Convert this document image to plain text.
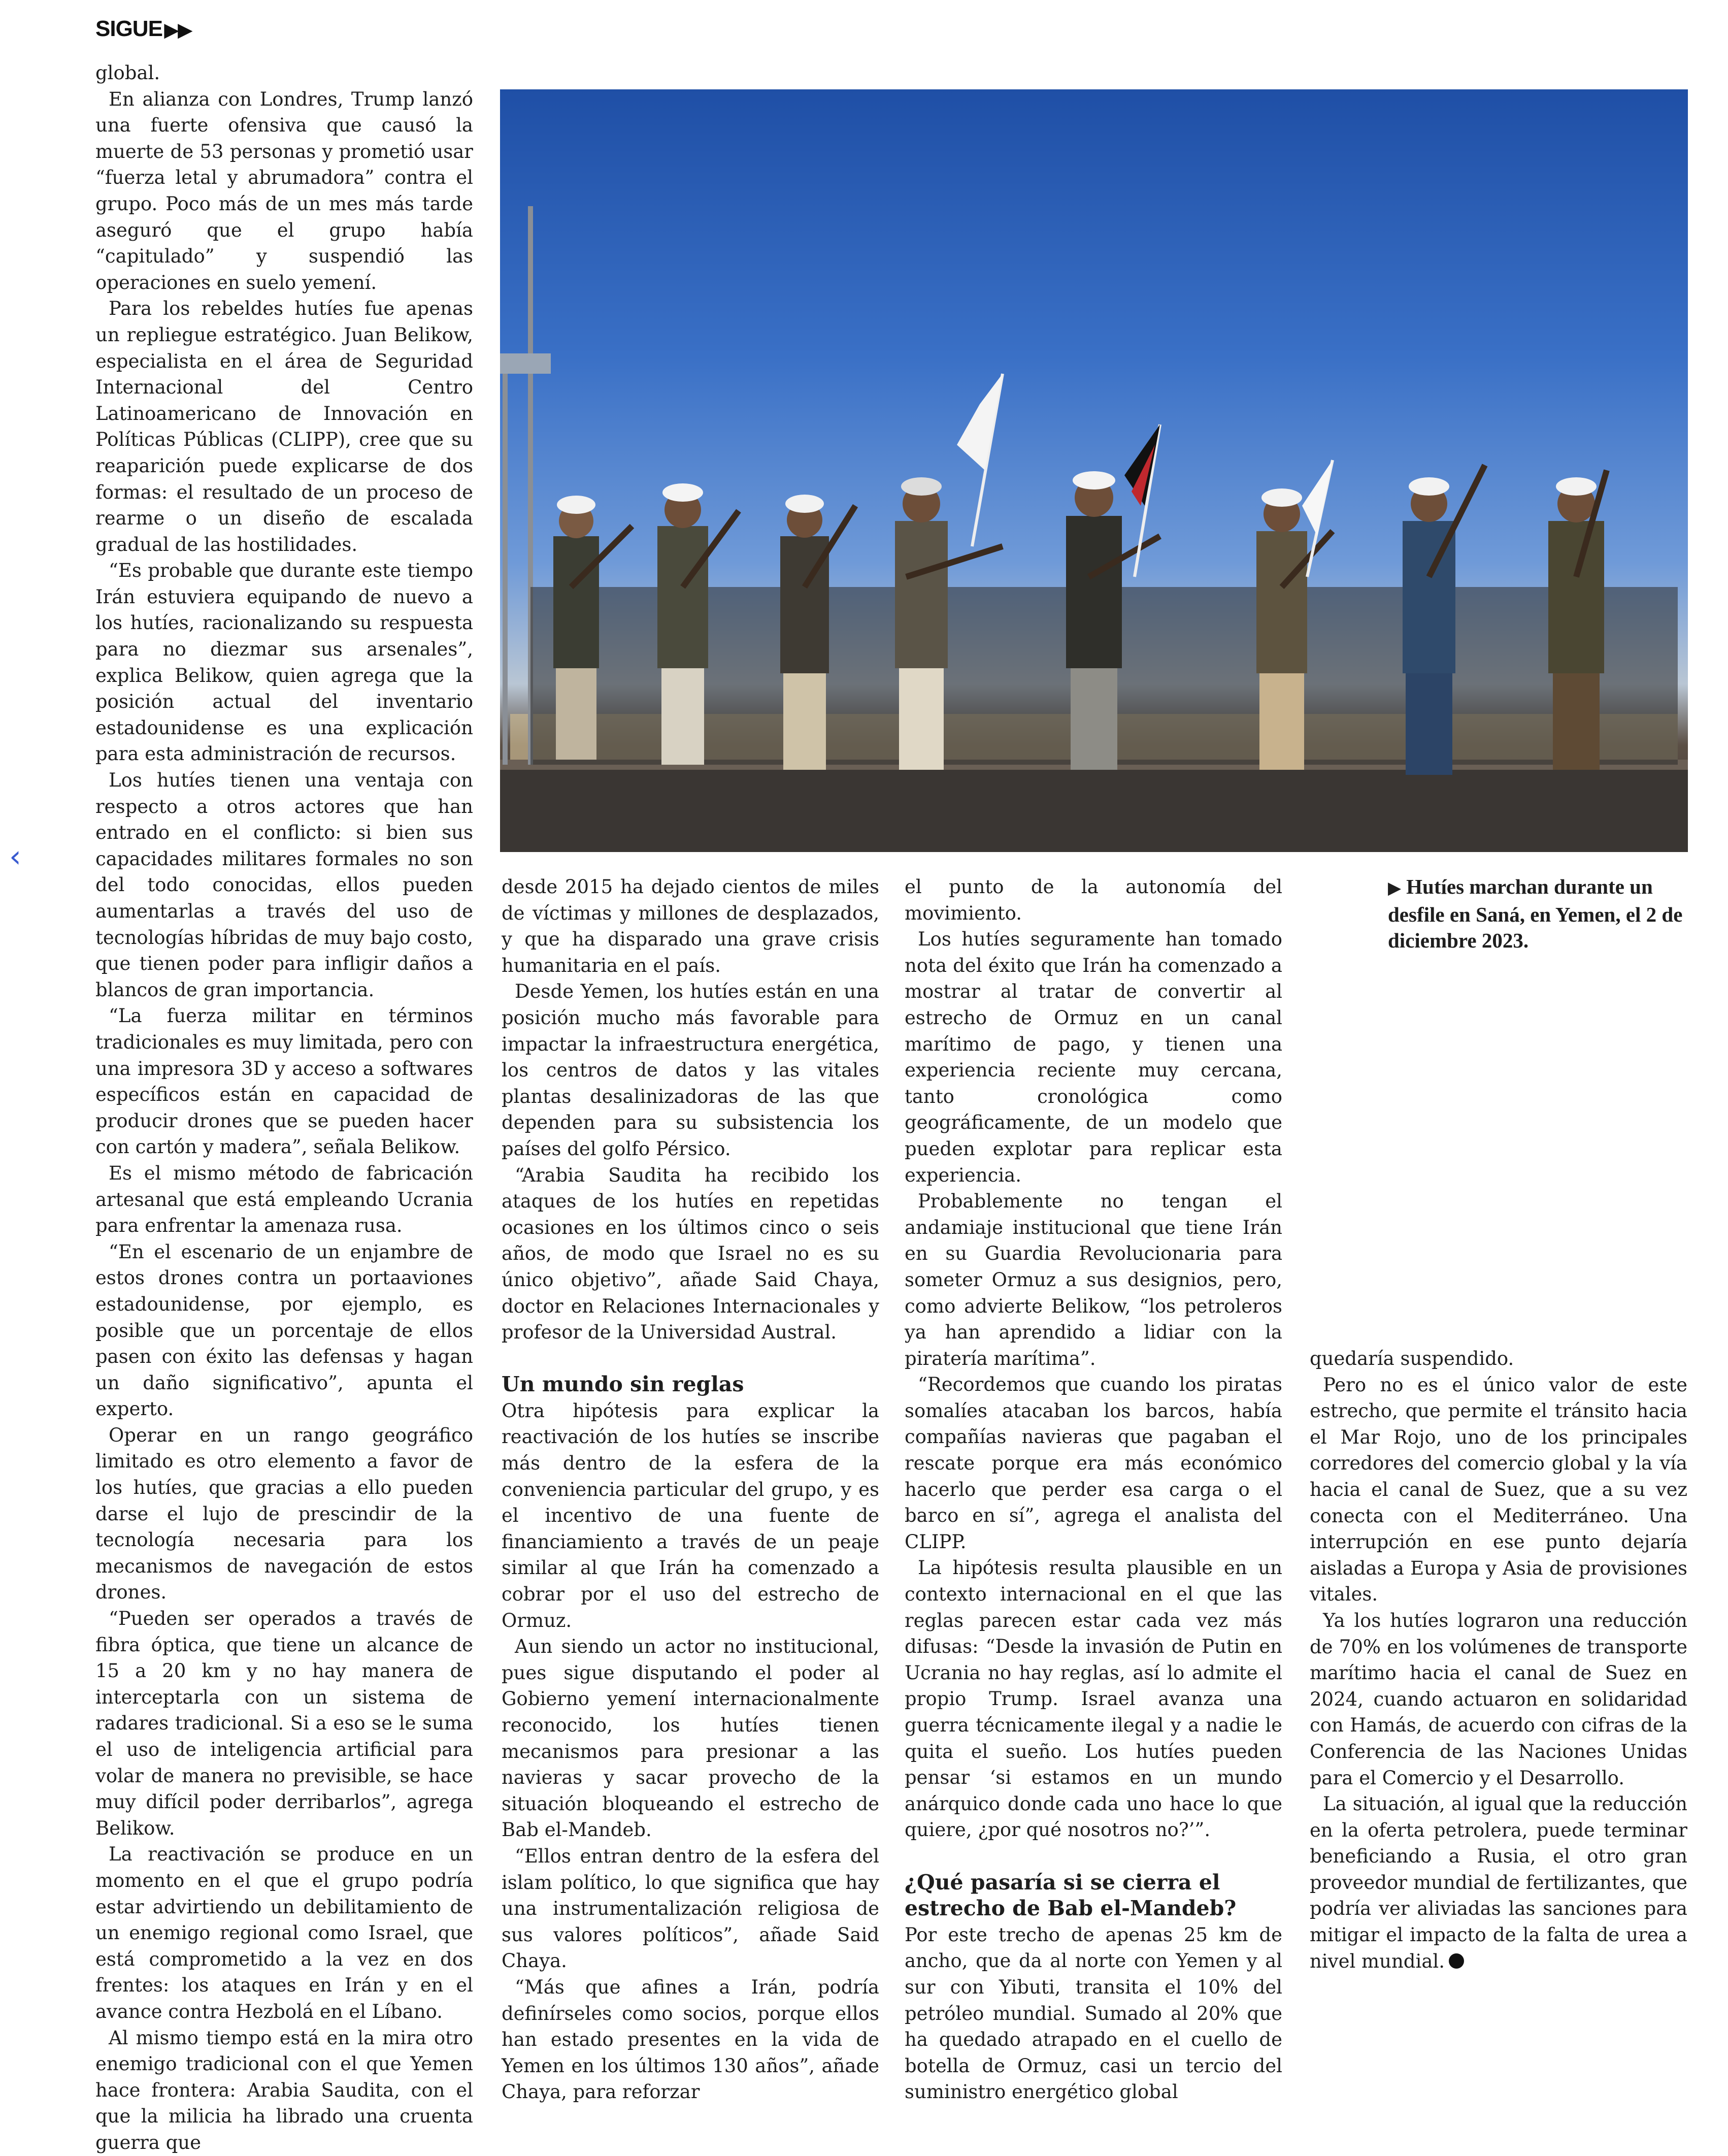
‹
SIGUE ▶▶

global.

En alianza con Londres, Trump lanzó una fuerte ofensiva que causó la muerte de 53 personas y prometió usar “fuerza letal y abrumadora” contra el grupo. Poco más de un mes más tarde aseguró que el grupo había “capitulado” y suspendió las operaciones en suelo yemení.

Para los rebeldes hutíes fue apenas un repliegue estratégico. Juan Belikow, especialista en el área de Seguridad Internacional del Centro Latinoamericano de Innovación en Políticas Públicas (CLIPP), cree que su reaparición puede explicarse de dos formas: el resultado de un proceso de rearme o un diseño de escalada gradual de las hostilidades.

“Es probable que durante este tiempo Irán estuviera equipando de nuevo a los hutíes, racionalizando su respuesta para no diezmar sus arsenales”, explica Belikow, quien agrega que la posición actual del inventario estadounidense es una explicación para esta administración de recursos.

Los hutíes tienen una ventaja con respecto a otros actores que han entrado en el conflicto: si bien sus capacidades militares formales no son del todo conocidas, ellos pueden aumentarlas a través del uso de tecnologías híbridas de muy bajo costo, que tienen poder para infligir daños a blancos de gran importancia.

“La fuerza militar en términos tradicionales es muy limitada, pero con una impresora 3D y acceso a softwares específicos están en capacidad de producir drones que se pueden hacer con cartón y madera”, señala Belikow.

Es el mismo método de fabricación artesanal que está empleando Ucrania para enfrentar la amenaza rusa.

“En el escenario de un enjambre de estos drones contra un portaaviones estadounidense, por ejemplo, es posible que un porcentaje de ellos pasen con éxito las defensas y hagan un daño significativo”, apunta el experto.

Operar en un rango geográfico limitado es otro elemento a favor de los hutíes, que gracias a ello pueden darse el lujo de prescindir de la tecnología necesaria para los mecanismos de navegación de estos drones.

“Pueden ser operados a través de fibra óptica, que tiene un alcance de 15 a 20 km y no hay manera de interceptarla con un sistema de radares tradicional. Si a eso se le suma el uso de inteligencia artificial para volar de manera no previsible, se hace muy difícil poder derribarlos”, agrega Belikow.

La reactivación se produce en un momento en el que el grupo podría estar advirtiendo un debilitamiento de un enemigo regional como Israel, que está comprometido a la vez en dos frentes: los ataques en Irán y en el avance contra Hezbolá en el Líbano.

Al mismo tiempo está en la mira otro enemigo tradicional con el que Yemen hace frontera: Arabia Saudita, con el que la milicia ha librado una cruenta guerra que

▶ Hutíes marchan durante un desfile en Saná, en Yemen, el 2 de diciembre 2023.

desde 2015 ha dejado cientos de miles de víctimas y millones de desplazados, y que ha disparado una grave crisis humanitaria en el país.

Desde Yemen, los hutíes están en una posición mucho más favorable para impactar la infraestructura energética, los centros de datos y las vitales plantas desalinizadoras de las que dependen para su subsistencia los países del golfo Pérsico.

“Arabia Saudita ha recibido los ataques de los hutíes en repetidas ocasiones en los últimos cinco o seis años, de modo que Israel no es su único objetivo”, añade Said Chaya, doctor en Relaciones Internacionales y profesor de la Universidad Austral.

Un mundo sin reglas

Otra hipótesis para explicar la reactivación de los hutíes se inscribe más dentro de la esfera de la conveniencia particular del grupo, y es el incentivo de una fuente de financiamiento a través de un peaje similar al que Irán ha comenzado a cobrar por el uso del estrecho de Ormuz.

Aun siendo un actor no institucional, pues sigue disputando el poder al Gobierno yemení internacionalmente reconocido, los hutíes tienen mecanismos para presionar a las navieras y sacar provecho de la situación bloqueando el estrecho de Bab el-Mandeb.

“Ellos entran dentro de la esfera del islam político, lo que significa que hay una instrumentalización religiosa de sus valores políticos”, añade Said Chaya.

“Más que afines a Irán, podría definírseles como socios, porque ellos han estado presentes en la vida de Yemen en los últimos 130 años”, añade Chaya, para reforzar

el punto de la autonomía del movimiento.

Los hutíes seguramente han tomado nota del éxito que Irán ha comenzado a mostrar al tratar de convertir al estrecho de Ormuz en un canal marítimo de pago, y tienen una experiencia reciente muy cercana, tanto cronológica como geográficamente, de un modelo que pueden explotar para replicar esta experiencia.

Probablemente no tengan el andamiaje institucional que tiene Irán en su Guardia Revolucionaria para someter Ormuz a sus designios, pero, como advierte Belikow, “los petroleros ya han aprendido a lidiar con la piratería marítima”.

“Recordemos que cuando los piratas somalíes atacaban los barcos, había compañías navieras que pagaban el rescate porque era más económico hacerlo que perder esa carga o el barco en sí”, agrega el analista del CLIPP.

La hipótesis resulta plausible en un contexto internacional en el que las reglas parecen estar cada vez más difusas: “Desde la invasión de Putin en Ucrania no hay reglas, así lo admite el propio Trump. Israel avanza una guerra técnicamente ilegal y a nadie le quita el sueño. Los hutíes pueden pensar ‘si estamos en un mundo anárquico donde cada uno hace lo que quiere, ¿por qué nosotros no?’”.

¿Qué pasaría si se cierra el estrecho de Bab el-Mandeb?

Por este trecho de apenas 25 km de ancho, que da al norte con Yemen y al sur con Yibuti, transita el 10% del petróleo mundial. Sumado al 20% que ha quedado atrapado en el cuello de botella de Ormuz, casi un tercio del suministro energético global

quedaría suspendido.

Pero no es el único valor de este estrecho, que permite el tránsito hacia el Mar Rojo, uno de los principales corredores del comercio global y la vía hacia el canal de Suez, que a su vez conecta con el Mediterráneo. Una interrupción en ese punto dejaría aisladas a Europa y Asia de provisiones vitales.

Ya los hutíes lograron una reducción de 70% en los volúmenes de transporte marítimo hacia el canal de Suez en 2024, cuando actuaron en solidaridad con Hamás, de acuerdo con cifras de la Conferencia de las Naciones Unidas para el Comercio y el Desarrollo.

La situación, al igual que la reducción en la oferta petrolera, puede terminar beneficiando a Rusia, el otro gran proveedor mundial de fertilizantes, que podría ver aliviadas las sanciones para mitigar el impacto de la falta de urea a nivel mundial.
